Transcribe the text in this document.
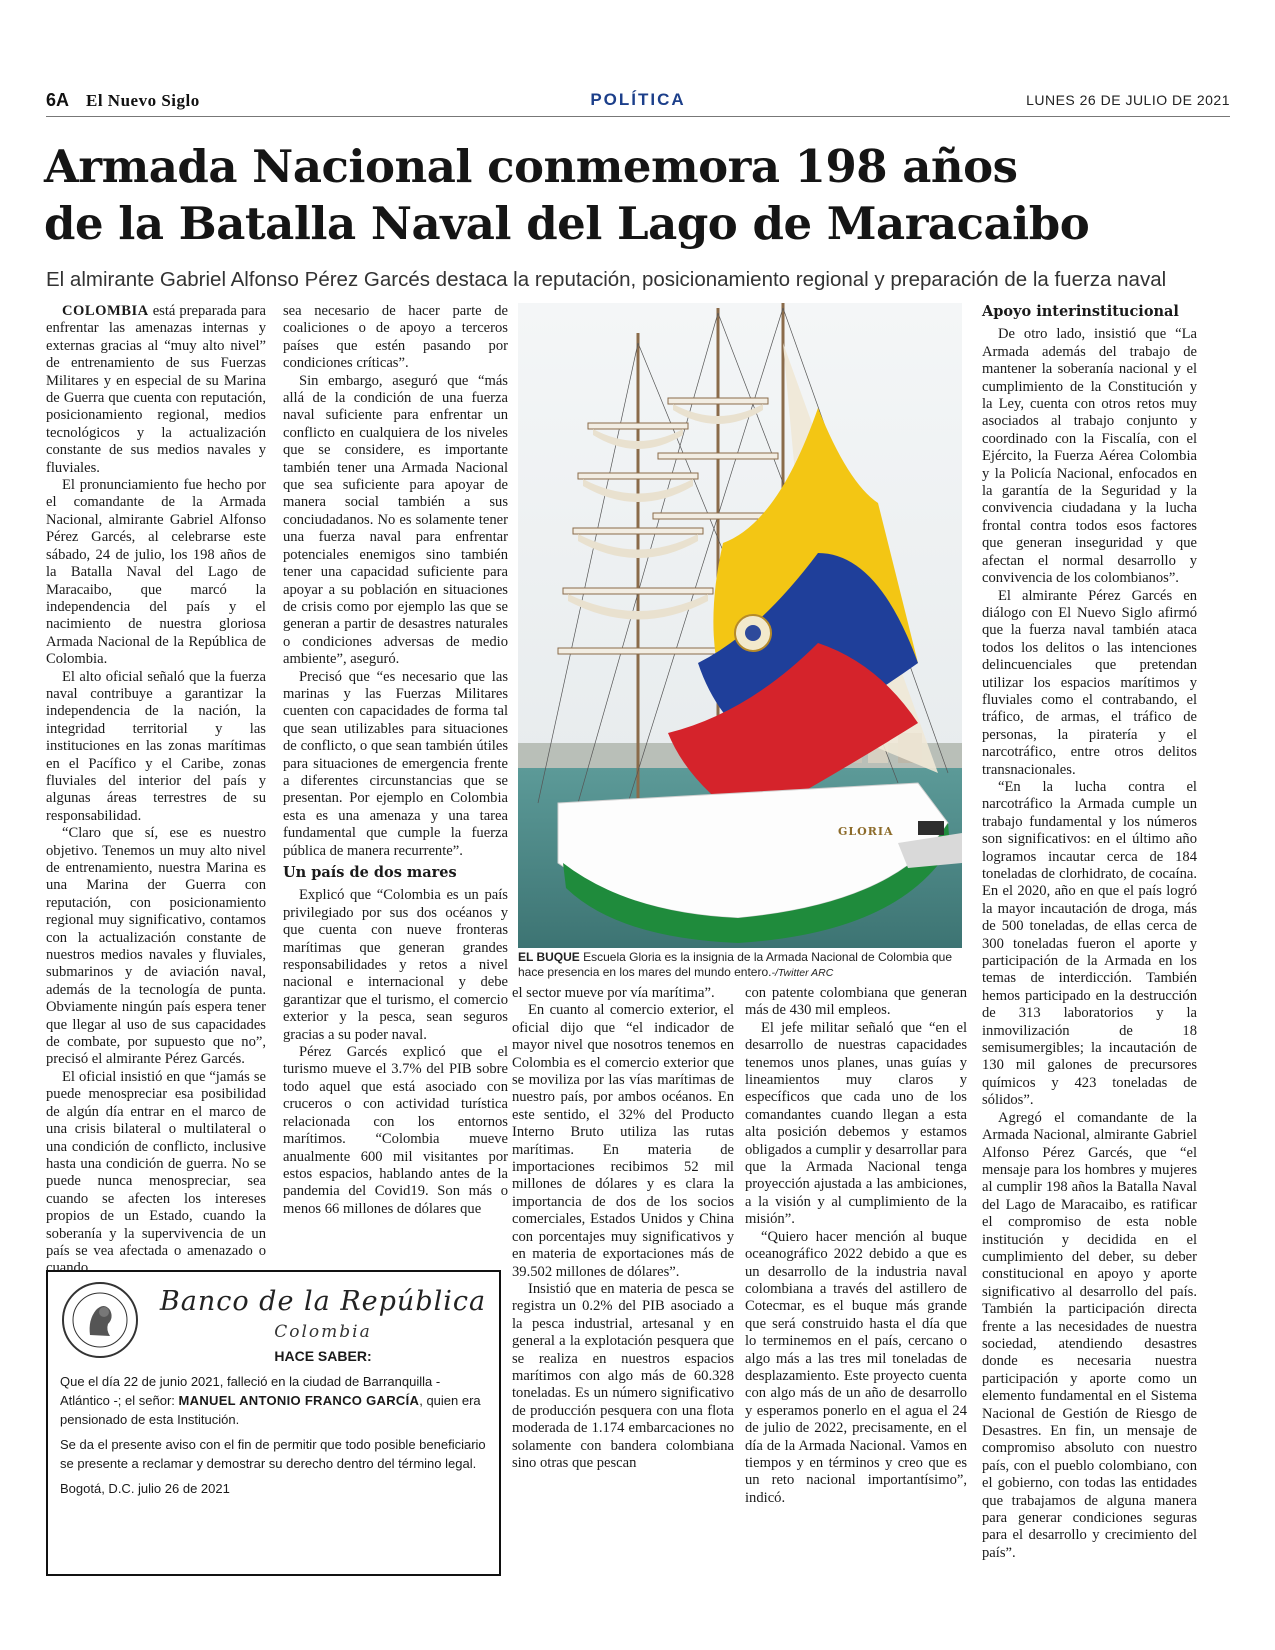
6A El Nuevo Siglo	POLÍTICA	LUNES 26 DE JULIO DE 2021
Armada Nacional conmemora 198 años
de la Batalla Naval del Lago de Maracaibo

El almirante Gabriel Alfonso Pérez Garcés destaca la reputación, posicionamiento regional y preparación de la fuerza naval

COLOMBIA está preparada para enfrentar las amenazas internas y externas gracias al “muy alto nivel” de entrenamiento de sus Fuerzas Militares y en especial de su Marina de Guerra que cuenta con reputación, posicionamiento regional, medios tecnológicos y la actualización constante de sus medios navales y fluviales.

El pronunciamiento fue hecho por el comandante de la Armada Nacional, almirante Gabriel Alfonso Pérez Garcés, al celebrarse este sábado, 24 de julio, los 198 años de la Batalla Naval del Lago de Maracaibo, que marcó la independencia del país y el nacimiento de nuestra gloriosa Armada Nacional de la República de Colombia.

El alto oficial señaló que la fuerza naval contribuye a garantizar la independencia de la nación, la integridad territorial y las instituciones en las zonas marítimas en el Pacífico y el Caribe, zonas fluviales del interior del país y algunas áreas terrestres de su responsabilidad.

“Claro que sí, ese es nuestro objetivo. Tenemos un muy alto nivel de entrenamiento, nuestra Marina es una Marina der Guerra con reputación, con posicionamiento regional muy significativo, contamos con la actualización constante de nuestros medios navales y fluviales, submarinos y de aviación naval, además de la tecnología de punta. Obviamente ningún país espera tener que llegar al uso de sus capacidades de combate, por supuesto que no”, precisó el almirante Pérez Garcés.

El oficial insistió en que “jamás se puede menospreciar esa posibilidad de algún día entrar en el marco de una crisis bilateral o multilateral o una condición de conflicto, inclusive hasta una condición de guerra. No se puede nunca menospreciar, sea cuando se afecten los intereses propios de un Estado, cuando la soberanía y la supervivencia de un país se vea afectada o amenazado o cuando

sea necesario de hacer parte de coaliciones o de apoyo a terceros países que estén pasando por condiciones críticas”.

Sin embargo, aseguró que “más allá de la condición de una fuerza naval suficiente para enfrentar un conflicto en cualquiera de los niveles que se considere, es importante también tener una Armada Nacional que sea suficiente para apoyar de manera social también a sus conciudadanos. No es solamente tener una fuerza naval para enfrentar potenciales enemigos sino también tener una capacidad suficiente para apoyar a su población en situaciones de crisis como por ejemplo las que se generan a partir de desastres naturales o condiciones adversas de medio ambiente”, aseguró.

Precisó que “es necesario que las marinas y las Fuerzas Militares cuenten con capacidades de forma tal que sean utilizables para situaciones de conflicto, o que sean también útiles para situaciones de emergencia frente a diferentes circunstancias que se presentan. Por ejemplo en Colombia esta es una amenaza y una tarea fundamental que cumple la fuerza pública de manera recurrente”.

Un país de dos mares

Explicó que “Colombia es un país privilegiado por sus dos océanos y que cuenta con nueve fronteras marítimas que generan grandes responsabilidades y retos a nivel nacional e internacional y debe garantizar que el turismo, el comercio exterior y la pesca, sean seguros gracias a su poder naval.

Pérez Garcés explicó que el turismo mueve el 3.7% del PIB sobre todo aquel que está asociado con cruceros o con actividad turística relacionada con los entornos marítimos. “Colombia mueve anualmente 600 mil visitantes por estos espacios, hablando antes de la pandemia del Covid19. Son más o menos 66 millones de dólares que

GLORIA
EL BUQUE Escuela Gloria es la insignia de la Armada Nacional de Colombia que hace presencia en los mares del mundo entero.-/Twitter ARC

el sector mueve por vía marítima”.

En cuanto al comercio exterior, el oficial dijo que “el indicador de mayor nivel que nosotros tenemos en Colombia es el comercio exterior que se moviliza por las vías marítimas de nuestro país, por ambos océanos. En este sentido, el 32% del Producto Interno Bruto utiliza las rutas marítimas. En materia de importaciones recibimos 52 mil millones de dólares y es clara la importancia de dos de los socios comerciales, Estados Unidos y China con porcentajes muy significativos y en materia de exportaciones más de 39.502 millones de dólares”.

Insistió que en materia de pesca se registra un 0.2% del PIB asociado a la pesca industrial, artesanal y en general a la explotación pesquera que se realiza en nuestros espacios marítimos con algo más de 60.328 toneladas. Es un número significativo de producción pesquera con una flota moderada de 1.174 embarcaciones no solamente con bandera colombiana sino otras que pescan

con patente colombiana que generan más de 430 mil empleos.

El jefe militar señaló que “en el desarrollo de nuestras capacidades tenemos unos planes, unas guías y lineamientos muy claros y específicos que cada uno de los comandantes cuando llegan a esta alta posición debemos y estamos obligados a cumplir y desarrollar para que la Armada Nacional tenga proyección ajustada a las ambiciones, a la visión y al cumplimiento de la misión”.

“Quiero hacer mención al buque oceanográfico 2022 debido a que es un desarrollo de la industria naval colombiana a través del astillero de Cotecmar, es el buque más grande que será construido hasta el día que lo terminemos en el país, cercano o algo más a las tres mil toneladas de desplazamiento. Este proyecto cuenta con algo más de un año de desarrollo y esperamos ponerlo en el agua el 24 de julio de 2022, precisamente, en el día de la Armada Nacional. Vamos en tiempos y en términos y creo que es un reto nacional importantísimo”, indicó.

Apoyo interinstitucional

De otro lado, insistió que “La Armada además del trabajo de mantener la soberanía nacional y el cumplimiento de la Constitución y la Ley, cuenta con otros retos muy asociados al trabajo conjunto y coordinado con la Fiscalía, con el Ejército, la Fuerza Aérea Colombia y la Policía Nacional, enfocados en la garantía de la Seguridad y la convivencia ciudadana y la lucha frontal contra todos esos factores que generan inseguridad y que afectan el normal desarrollo y convivencia de los colombianos”.

El almirante Pérez Garcés en diálogo con El Nuevo Siglo afirmó que la fuerza naval también ataca todos los delitos o las intenciones delincuenciales que pretendan utilizar los espacios marítimos y fluviales como el contrabando, el tráfico, de armas, el tráfico de personas, la piratería y el narcotráfico, entre otros delitos transnacionales.

“En la lucha contra el narcotráfico la Armada cumple un trabajo fundamental y los números son significativos: en el último año logramos incautar cerca de 184 toneladas de clorhidrato, de cocaína. En el 2020, año en que el país logró la mayor incautación de droga, más de 500 toneladas, de ellas cerca de 300 toneladas fueron el aporte y participación de la Armada en los temas de interdicción. También hemos participado en la destrucción de 313 laboratorios y la inmovilización de 18 semisumergibles; la incautación de 130 mil galones de precursores químicos y 423 toneladas de sólidos”.

Agregó el comandante de la Armada Nacional, almirante Gabriel Alfonso Pérez Garcés, que “el mensaje para los hombres y mujeres al cumplir 198 años la Batalla Naval del Lago de Maracaibo, es ratificar el compromiso de esta noble institución y decidida en el cumplimiento del deber, su deber constitucional en apoyo y aporte significativo al desarrollo del país. También la participación directa frente a las necesidades de nuestra sociedad, atendiendo desastres donde es necesaria nuestra participación y aporte como un elemento fundamental en el Sistema Nacional de Gestión de Riesgo de Desastres. En fin, un mensaje de compromiso absoluto con nuestro país, con el pueblo colombiano, con el gobierno, con todas las entidades que trabajamos de alguna manera para generar condiciones seguras para el desarrollo y crecimiento del país”.

Banco de la República
Colombia
HACE SABER:

Que el día 22 de junio 2021, falleció en la ciudad de Barranquilla - Atlántico -; el señor: MANUEL ANTONIO FRANCO GARCÍA, quien era pensionado de esta Institución.

Se da el presente aviso con el fin de permitir que todo posible beneficiario se presente a reclamar y demostrar su derecho dentro del término legal.

Bogotá, D.C. julio 26 de 2021
